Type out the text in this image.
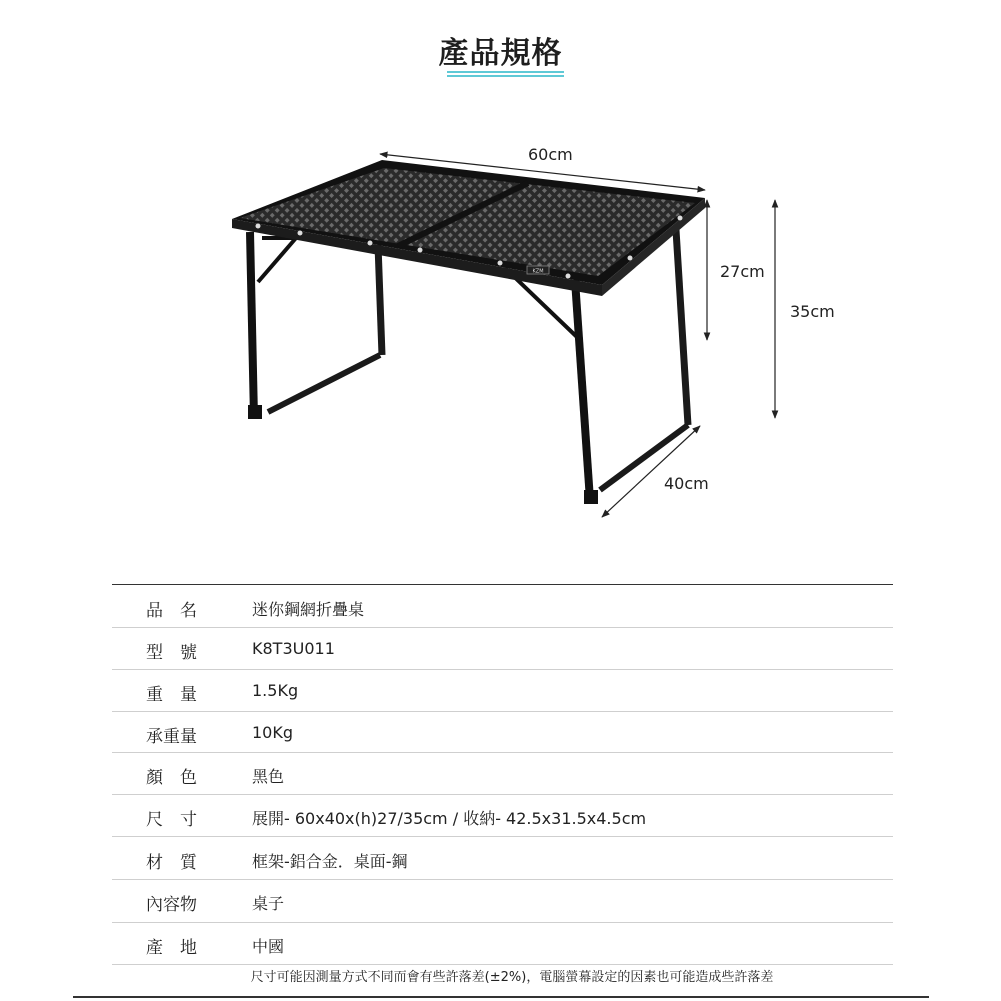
產品規格
KZM
60cm
27cm
35cm
40cm
品　名	迷你鋼網折疊桌
型　號	K8T3U011
重　量	1.5Kg
承重量	10Kg
顏　色	黑色
尺　寸	展開- 60x40x(h)27/35cm / 收納- 42.5x31.5x4.5cm
材　質	框架-鋁合金．桌面-鋼
內容物	桌子
產　地	中國
尺寸可能因測量方式不同而會有些許落差(±2%)，電腦螢幕設定的因素也可能造成些許落差
